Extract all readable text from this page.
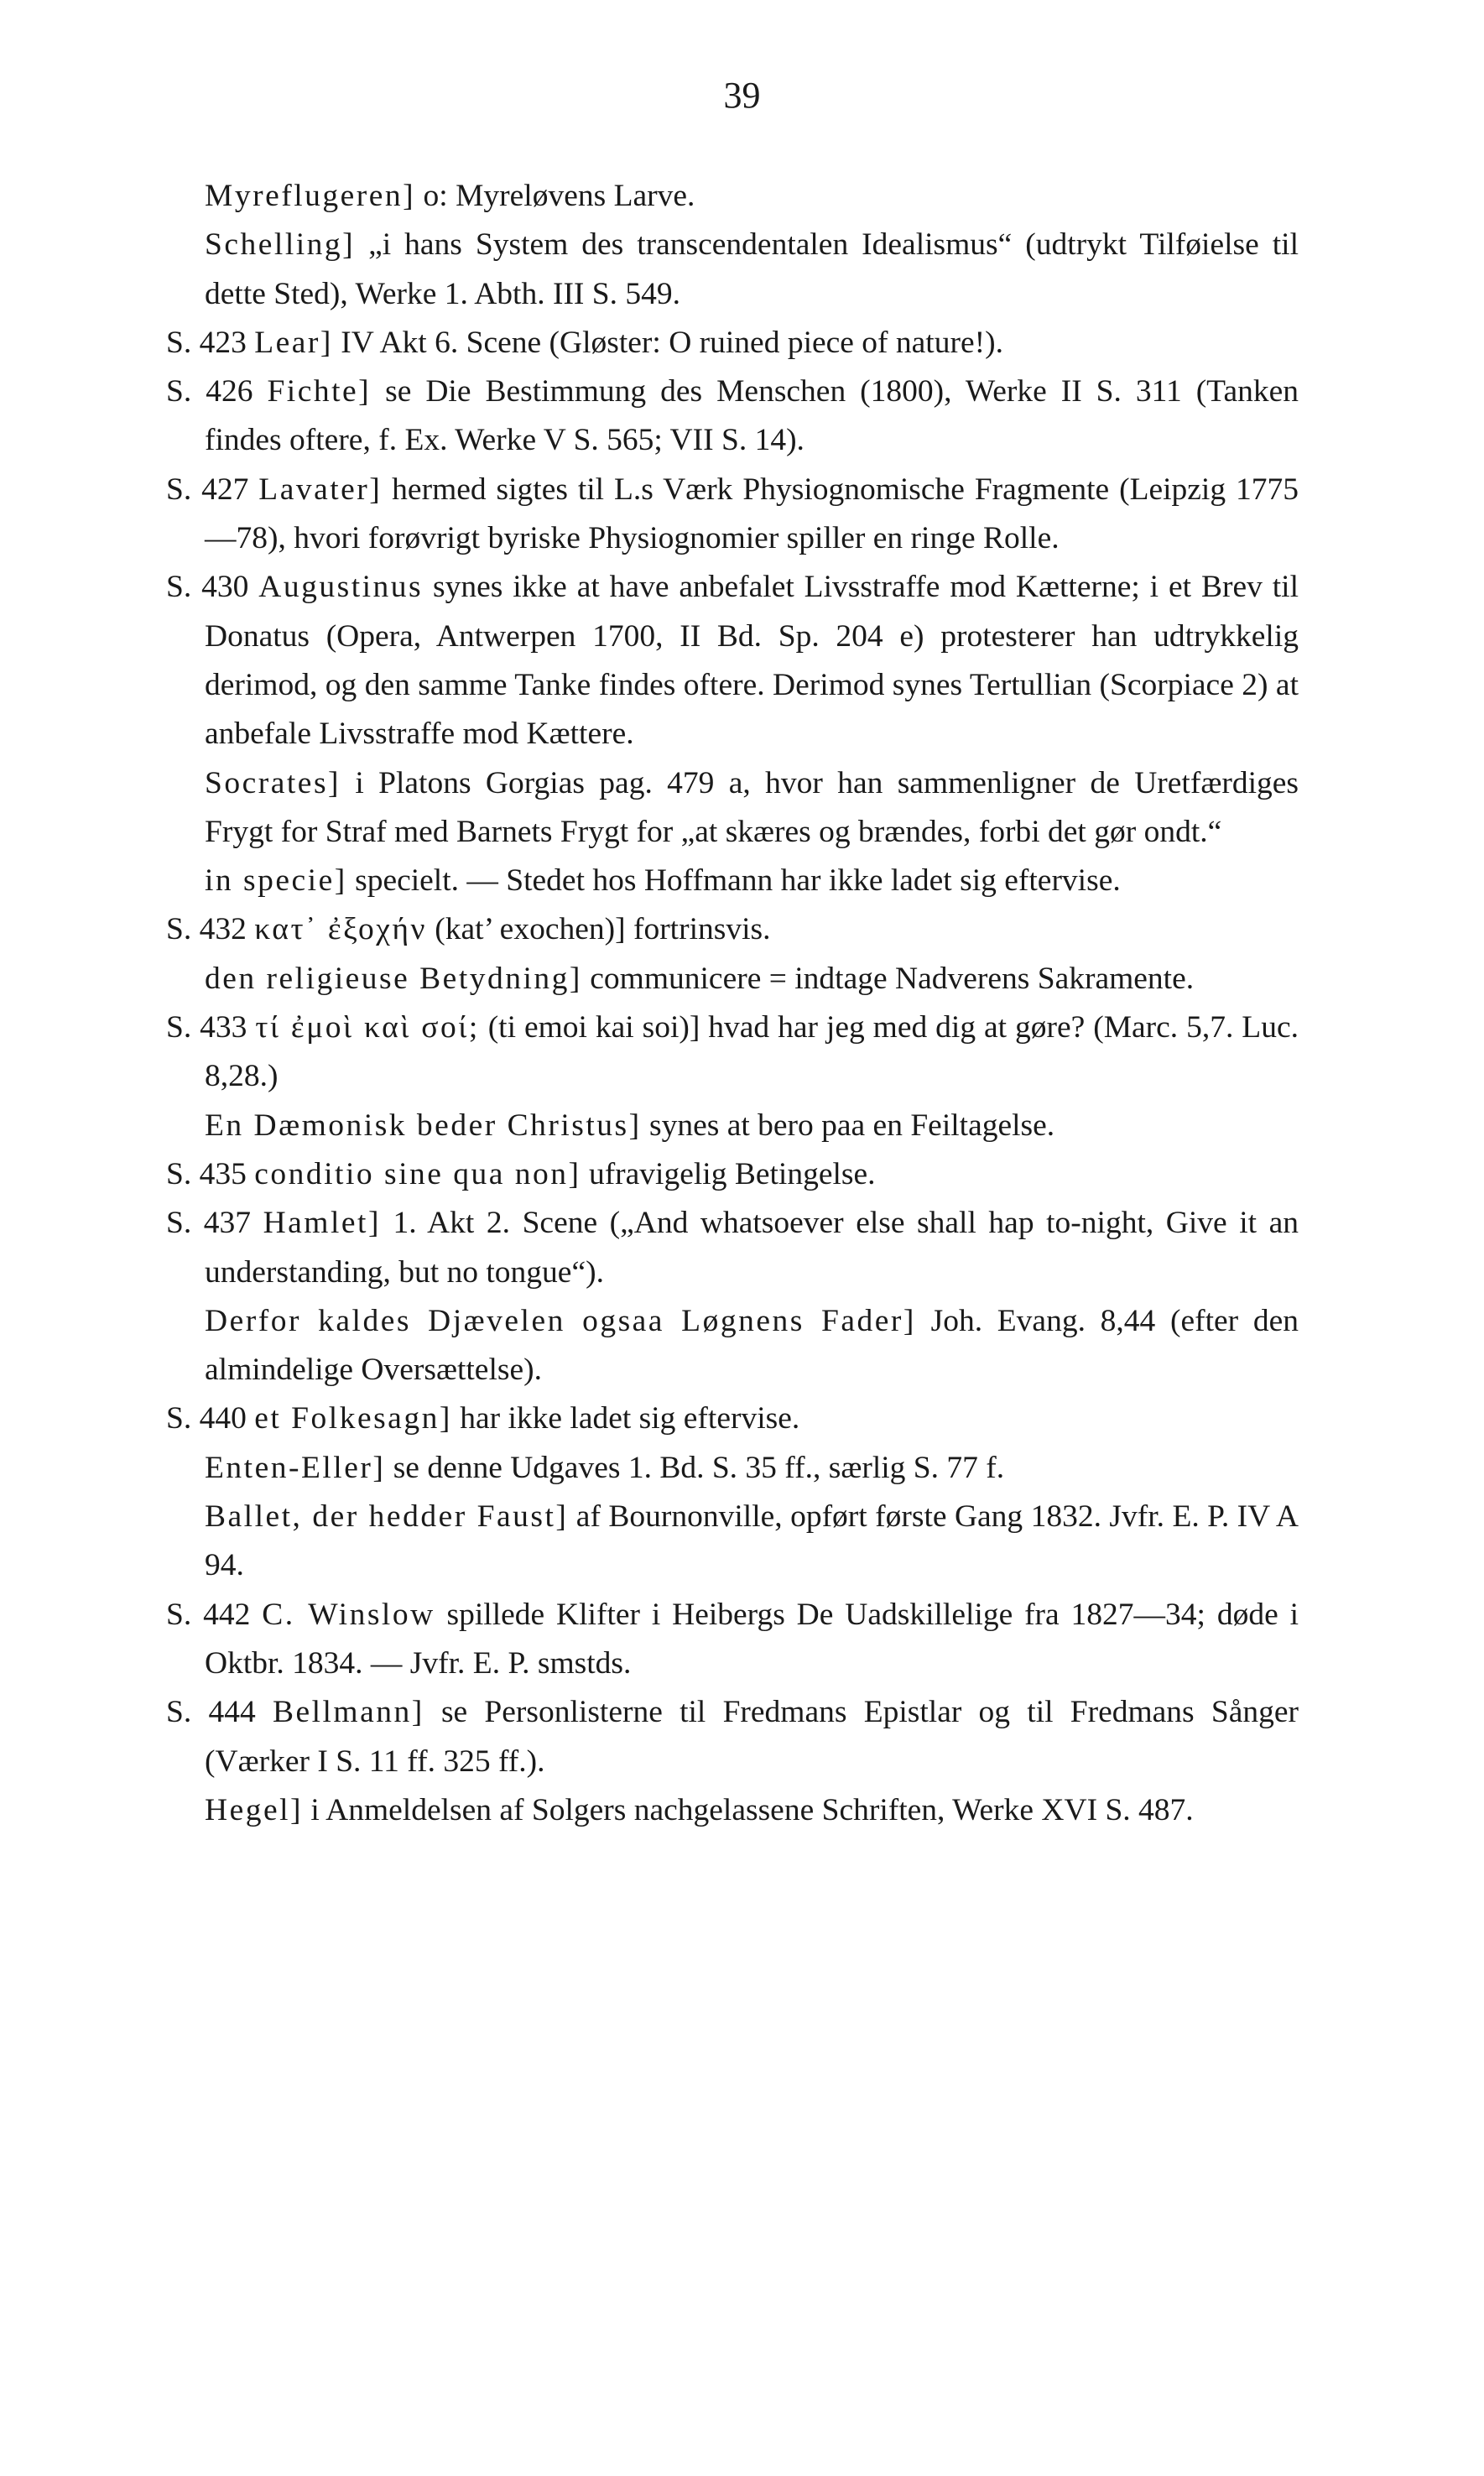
39

Myreflugeren] o: Myreløvens Larve.

Schelling] „i hans System des transcendentalen Idealismus“ (udtrykt Tilføielse til dette Sted), Werke 1. Abth. III S. 549.

S. 423 Lear] IV Akt 6. Scene (Gløster: O ruined piece of nature!).

S. 426 Fichte] se Die Bestimmung des Menschen (1800), Werke II S. 311 (Tanken findes oftere, f. Ex. Werke V S. 565; VII S. 14).

S. 427 Lavater] hermed sigtes til L.s Værk Physiognomische Fragmente (Leipzig 1775—78), hvori forøvrigt byriske Physiognomier spiller en ringe Rolle.

S. 430 Augustinus synes ikke at have anbefalet Livsstraffe mod Kætterne; i et Brev til Donatus (Opera, Antwerpen 1700, II Bd. Sp. 204 e) protesterer han udtrykkelig derimod, og den samme Tanke findes oftere. Derimod synes Tertullian (Scorpiace 2) at anbefale Livsstraffe mod Kættere.

Socrates] i Platons Gorgias pag. 479 a, hvor han sammenligner de Uretfærdiges Frygt for Straf med Barnets Frygt for „at skæres og brændes, forbi det gør ondt.“

in specie] specielt. — Stedet hos Hoffmann har ikke ladet sig eftervise.

S. 432 κατ᾽ ἐξοχήν (kat’ exochen)] fortrinsvis.

den religieuse Betydning] communicere = indtage Nadverens Sakramente.

S. 433 τί ἐμοὶ καὶ σοί; (ti emoi kai soi)] hvad har jeg med dig at gøre? (Marc. 5,7. Luc. 8,28.)

En Dæmonisk beder Christus] synes at bero paa en Feiltagelse.

S. 435 conditio sine qua non] ufravigelig Betingelse.

S. 437 Hamlet] 1. Akt 2. Scene („And whatsoever else shall hap to-night, Give it an understanding, but no tongue“).

Derfor kaldes Djævelen ogsaa Løgnens Fader] Joh. Evang. 8,44 (efter den almindelige Oversættelse).

S. 440 et Folkesagn] har ikke ladet sig eftervise.

Enten-Eller] se denne Udgaves 1. Bd. S. 35 ff., særlig S. 77 f.

Ballet, der hedder Faust] af Bournonville, opført første Gang 1832. Jvfr. E. P. IV A 94.

S. 442 C. Winslow spillede Klifter i Heibergs De Uadskillelige fra 1827—34; døde i Oktbr. 1834. — Jvfr. E. P. smstds.

S. 444 Bellmann] se Personlisterne til Fredmans Epistlar og til Fredmans Sånger (Værker I S. 11 ff. 325 ff.).

Hegel] i Anmeldelsen af Solgers nachgelassene Schriften, Werke XVI S. 487.
